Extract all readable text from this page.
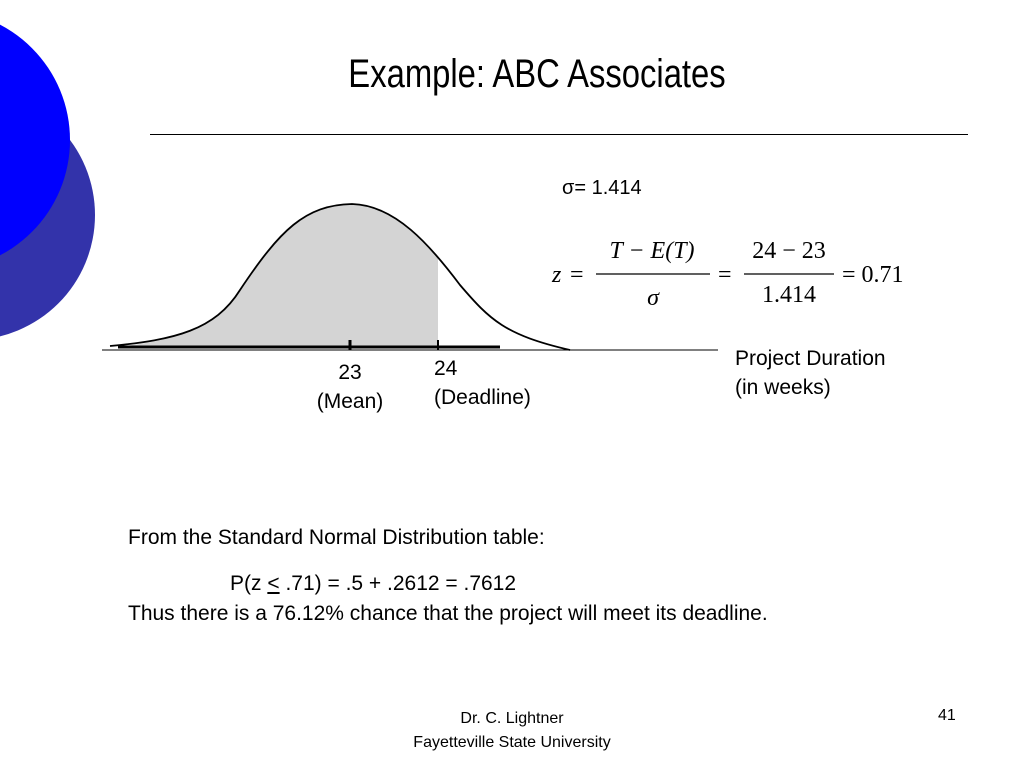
Example: ABC Associates
σ= 1.414
z =
T − E(T)
σ
=
24 − 23
1.414
= 0.71
23
(Mean)
24
(Deadline)
Project Duration
(in weeks)
From the Standard Normal Distribution table:
P(z ≤ .71) = .5 + .2612 = .7612
Thus there is a 76.12% chance that the project will meet its deadline.
Dr. C. Lightner
Fayetteville State University
41
